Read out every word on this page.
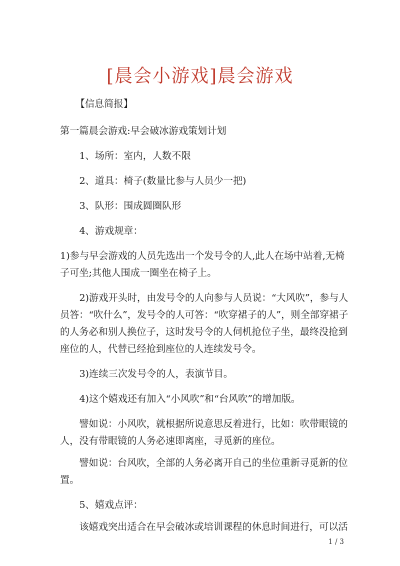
[晨会小游戏]晨会游戏

【信息简报】

第一篇晨会游戏:早会破冰游戏策划计划

1、场所：室内，人数不限

2、道具：椅子(数量比参与人员少一把)

3、队形：围成圆圈队形

4、游戏规章：

1)参与早会游戏的人员先选出一个发号令的人,此人在场中站着,无椅子可坐;其他人围成一圈坐在椅子上。

2)游戏开头时，由发号令的人向参与人员说：“大风吹”，参与人员答：“吹什么”，发号令的人可答：“吹穿裙子的人”，则全部穿裙子的人务必和别人换位子，这时发号令的人伺机抢位子坐，最终没抢到座位的人，代替已经抢到座位的人连续发号令。

3)连续三次发号令的人，表演节目。

4)这个嬉戏还有加入“小风吹”和“台风吹”的增加版。

譬如说：小风吹，就根据所说意思反着进行，比如：吹带眼镜的人，没有带眼镜的人务必速即离座，寻觅新的座位。

譬如说：台风吹，全部的人务必离开自己的坐位重新寻觅新的位置。

5、嬉戏点评：

该嬉戏突出适合在早会破冰或培训课程的休息时间进行，可以活

1 / 3
